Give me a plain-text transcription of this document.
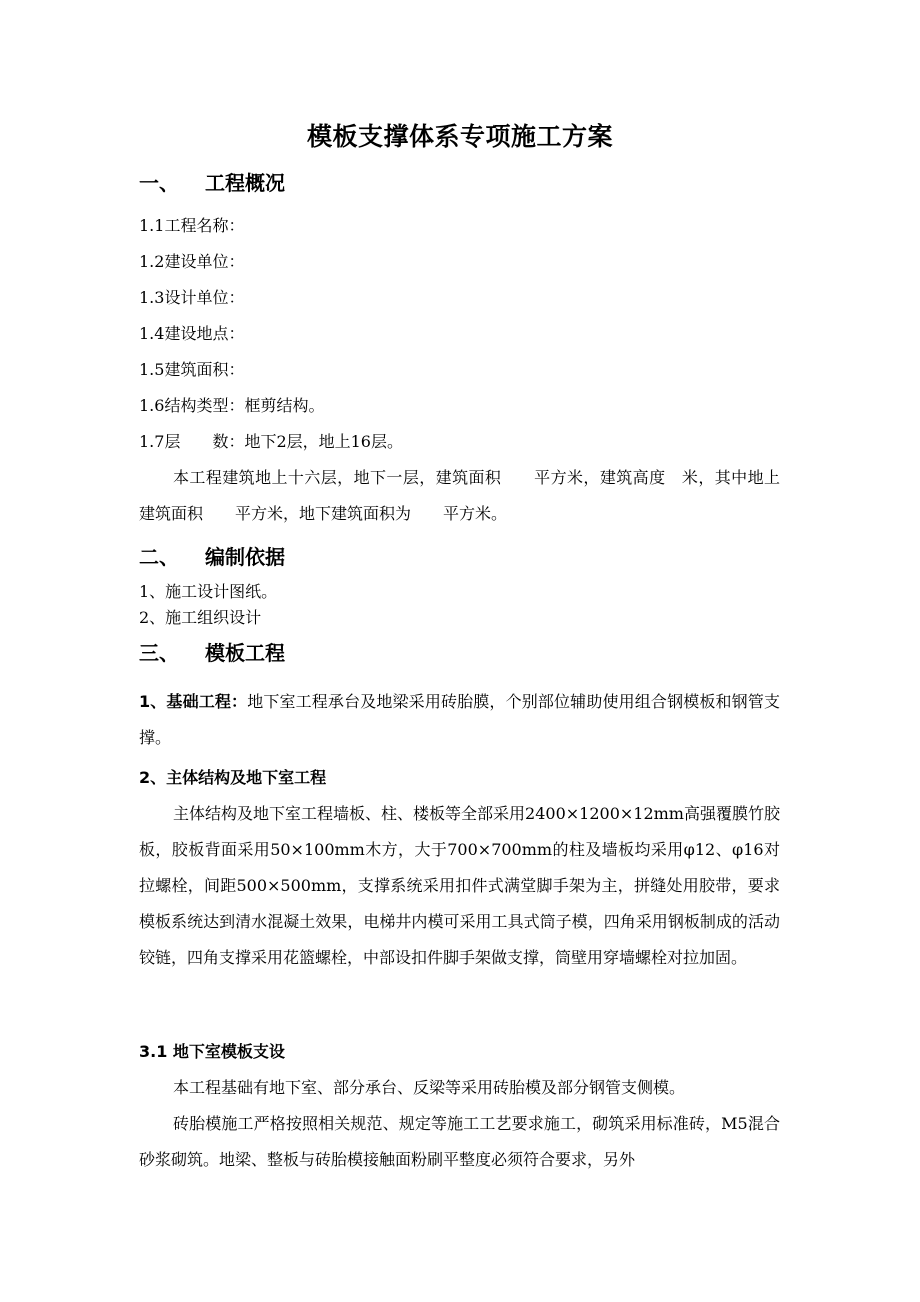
模板支撑体系专项施工方案
一、 工程概况
1.1工程名称：
1.2建设单位：
1.3设计单位：
1.4建设地点：
1.5建筑面积：
1.6结构类型：框剪结构。
1.7层　　数：地下2层，地上16层。

本工程建筑地上十六层，地下一层，建筑面积　　平方米，建筑高度　米，其中地上建筑面积　　平方米，地下建筑面积为　　平方米。

二、 编制依据
1、施工设计图纸。
2、施工组织设计
三、 模板工程

1、基础工程：地下室工程承台及地梁采用砖胎膜，个别部位辅助使用组合钢模板和钢管支撑。

2、主体结构及地下室工程

主体结构及地下室工程墙板、柱、楼板等全部采用2400×1200×12mm高强覆膜竹胶板，胶板背面采用50×100mm木方，大于700×700mm的柱及墙板均采用φ12、φ16对拉螺栓，间距500×500mm，支撑系统采用扣件式满堂脚手架为主，拼缝处用胶带，要求模板系统达到清水混凝土效果，电梯井内模可采用工具式筒子模，四角采用钢板制成的活动铰链，四角支撑采用花篮螺栓，中部设扣件脚手架做支撑，筒壁用穿墙螺栓对拉加固。

3.1 地下室模板支设

本工程基础有地下室、部分承台、反梁等采用砖胎模及部分钢管支侧模。

砖胎模施工严格按照相关规范、规定等施工工艺要求施工，砌筑采用标准砖，M5混合砂浆砌筑。地梁、整板与砖胎模接触面粉刷平整度必须符合要求，另外
